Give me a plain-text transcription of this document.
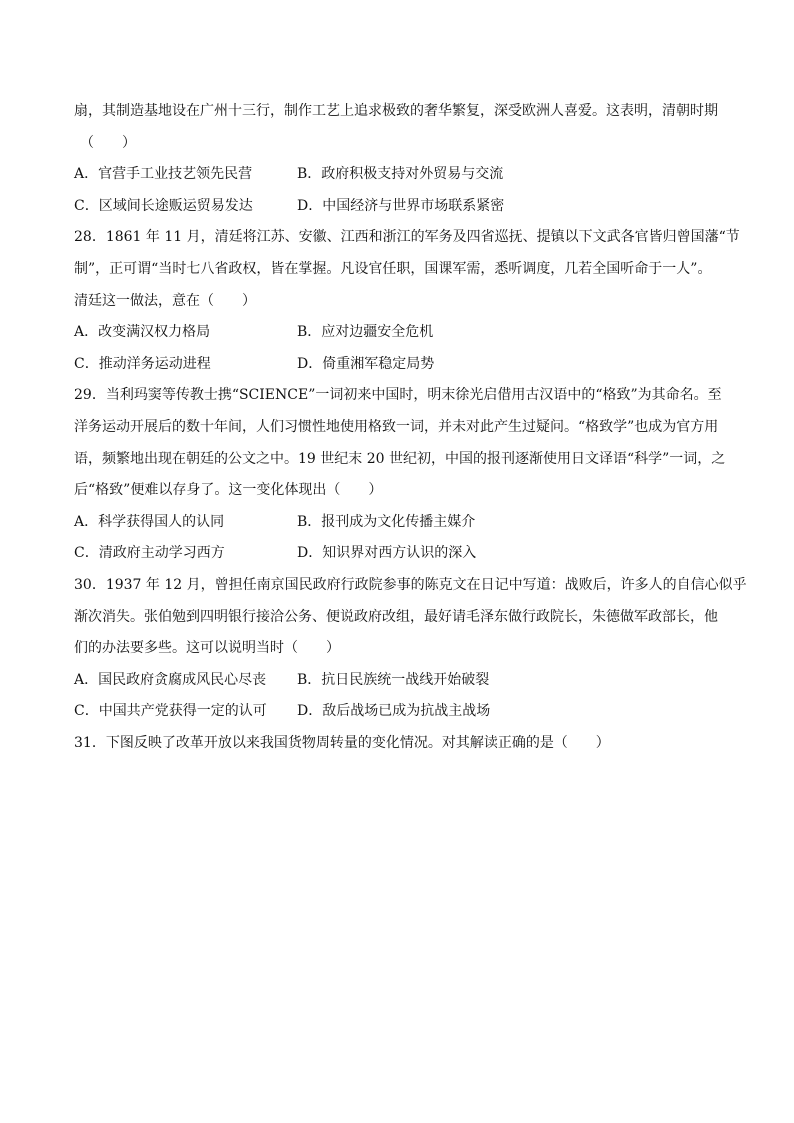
扇，其制造基地设在广州十三行，制作工艺上追求极致的奢华繁复，深受欧洲人喜爱。这表明，清朝时期
（　　）
A．官营手工业技艺领先民营	B．政府积极支持对外贸易与交流
C．区域间长途贩运贸易发达	D．中国经济与世界市场联系紧密
28．1861 年 11 月，清廷将江苏、安徽、江西和浙江的军务及四省巡抚、提镇以下文武各官皆归曾国藩“节
制”，正可谓“当时七八省政权，皆在掌握。凡设官任职，国课军需，悉听调度，几若全国听命于一人”。
清廷这一做法，意在（　　）
A．改变满汉权力格局	B．应对边疆安全危机
C．推动洋务运动进程	D．倚重湘军稳定局势
29．当利玛窦等传教士携“SCIENCE”一词初来中国时，明末徐光启借用古汉语中的“格致”为其命名。至
洋务运动开展后的数十年间，人们习惯性地使用格致一词，并未对此产生过疑问。“格致学”也成为官方用
语，频繁地出现在朝廷的公文之中。19 世纪末 20 世纪初，中国的报刊逐渐使用日文译语“科学”一词，之
后“格致”便难以存身了。这一变化体现出（　　）
A．科学获得国人的认同	B．报刊成为文化传播主媒介
C．清政府主动学习西方	D．知识界对西方认识的深入
30．1937 年 12 月，曾担任南京国民政府行政院参事的陈克文在日记中写道：战败后，许多人的自信心似乎
渐次消失。张伯勉到四明银行接洽公务、便说政府改组，最好请毛泽东做行政院长，朱德做军政部长，他
们的办法要多些。这可以说明当时（　　）
A．国民政府贪腐成风民心尽丧	B．抗日民族统一战线开始破裂
C．中国共产党获得一定的认可	D．敌后战场已成为抗战主战场
31．下图反映了改革开放以来我国货物周转量的变化情况。对其解读正确的是（　　）
